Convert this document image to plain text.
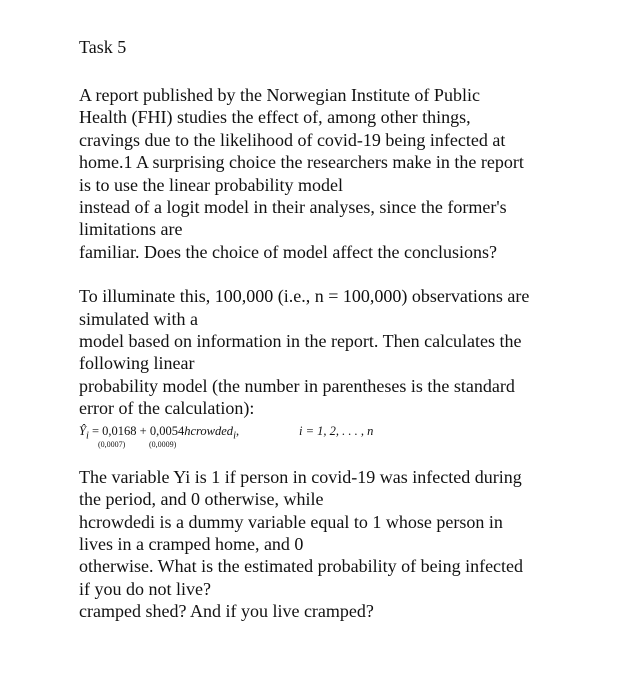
Task 5

A report published by the Norwegian Institute of Public
Health (FHI) studies the effect of, among other things,
cravings due to the likelihood of covid-19 being infected at
home.1 A surprising choice the researchers make in the report
is to use the linear probability model
instead of a logit model in their analyses, since the former's
limitations are
familiar. Does the choice of model affect the conclusions?

To illuminate this, 100,000 (i.e., n = 100,000) observations are
simulated with a
model based on information in the report. Then calculates the
following linear
probability model (the number in parentheses is the standard
error of the calculation):

$Ŷ_i = 0,0168$ + 0,0054hcrowded$_i$,
(0,0007)	(0,0009)
i = 1, 2, . . . , n

The variable Yi is 1 if person in covid-19 was infected during
the period, and 0 otherwise, while
hcrowdedi is a dummy variable equal to 1 whose person in
lives in a cramped home, and 0
otherwise. What is the estimated probability of being infected
if you do not live?
cramped shed? And if you live cramped?
